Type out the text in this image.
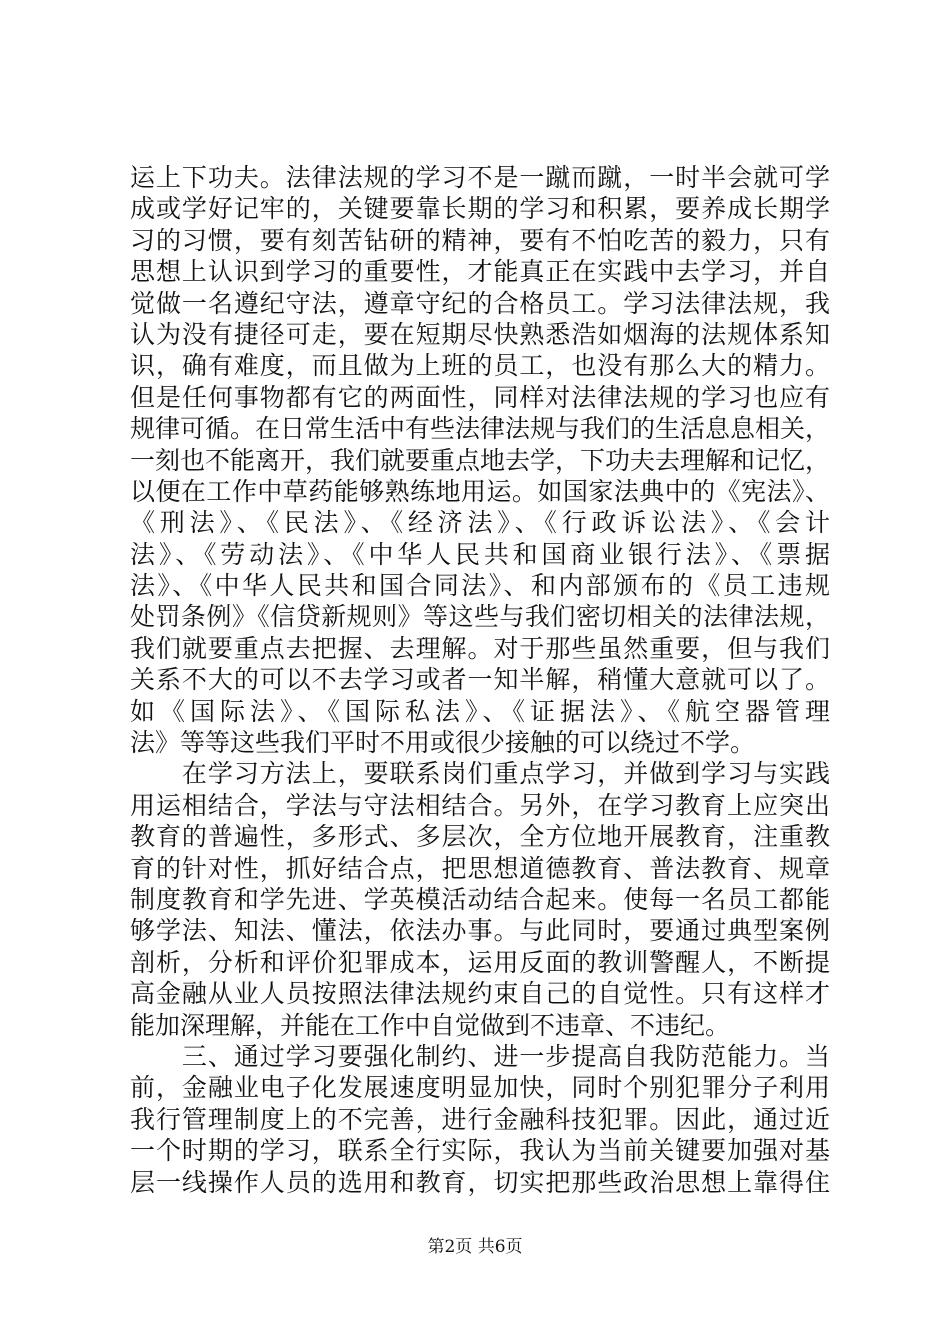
运上下功夫。法律法规的学习不是一蹴而蹴，一时半会就可学
成或学好记牢的，关键要靠长期的学习和积累，要养成长期学
习的习惯，要有刻苦钻研的精神，要有不怕吃苦的毅力，只有
思想上认识到学习的重要性，才能真正在实践中去学习，并自
觉做一名遵纪守法，遵章守纪的合格员工。学习法律法规，我
认为没有捷径可走，要在短期尽快熟悉浩如烟海的法规体系知
识，确有难度，而且做为上班的员工，也没有那么大的精力。
但是任何事物都有它的两面性，同样对法律法规的学习也应有
规律可循。在日常生活中有些法律法规与我们的生活息息相关，
一刻也不能离开，我们就要重点地去学，下功夫去理解和记忆，
以便在工作中草药能够熟练地用运。如国家法典中的《宪法》、
《刑法》、《民法》、《经济法》、《行政诉讼法》、《会计
法》、《劳动法》、《中华人民共和国商业银行法》、《票据
法》、《中华人民共和国合同法》、和内部颁布的《员工违规
处罚条例》《信贷新规则》等这些与我们密切相关的法律法规，
我们就要重点去把握、去理解。对于那些虽然重要，但与我们
关系不大的可以不去学习或者一知半解，稍懂大意就可以了。
如《国际法》、《国际私法》、《证据法》、《航空器管理
法》等等这些我们平时不用或很少接触的可以绕过不学。
　　在学习方法上，要联系岗们重点学习，并做到学习与实践
用运相结合，学法与守法相结合。另外，在学习教育上应突出
教育的普遍性，多形式、多层次，全方位地开展教育，注重教
育的针对性，抓好结合点，把思想道德教育、普法教育、规章
制度教育和学先进、学英模活动结合起来。使每一名员工都能
够学法、知法、懂法，依法办事。与此同时，要通过典型案例
剖析，分析和评价犯罪成本，运用反面的教训警醒人，不断提
高金融从业人员按照法律法规约束自己的自觉性。只有这样才
能加深理解，并能在工作中自觉做到不违章、不违纪。
　　三、通过学习要强化制约、进一步提高自我防范能力。当
前，金融业电子化发展速度明显加快，同时个别犯罪分子利用
我行管理制度上的不完善，进行金融科技犯罪。因此，通过近
一个时期的学习，联系全行实际，我认为当前关键要加强对基
层一线操作人员的选用和教育，切实把那些政治思想上靠得住
第2页 共6页
